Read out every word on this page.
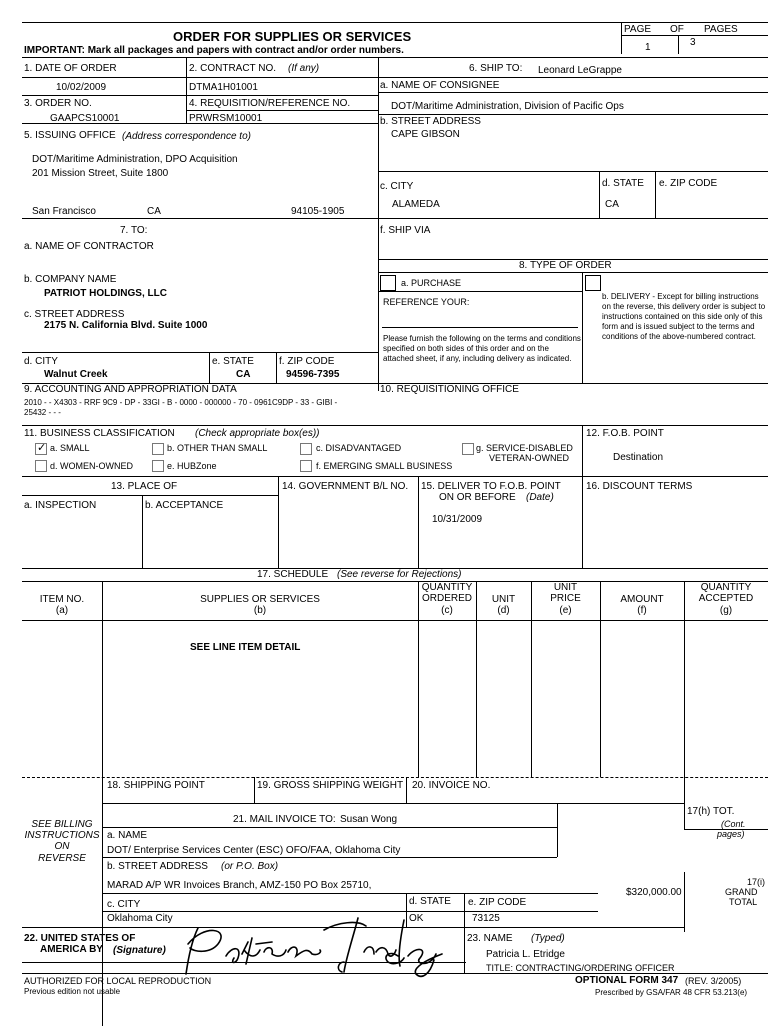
PAGE OF PAGES
1	3
ORDER FOR SUPPLIES OR SERVICES
IMPORTANT: Mark all packages and papers with contract and/or order numbers.
1. DATE OF ORDER	2. CONTRACT NO. (If any)
10/02/2009	DTMA1H01001
3. ORDER NO.	4. REQUISITION/REFERENCE NO.
GAAPCS10001	PRWRSM10001
5. ISSUING OFFICE (Address correspondence to)
DOT/Maritime Administration, DPO Acquisition
201 Mission Street, Suite 1800
San Francisco	CA	94105-1905
6. SHIP TO: Leonard LeGrappe
a. NAME OF CONSIGNEE
DOT/Maritime Administration, Division of Pacific Ops
b. STREET ADDRESS
CAPE GIBSON
c. CITY	d. STATE e. ZIP CODE
ALAMEDA	CA
7. TO:	f. SHIP VIA
a. NAME OF CONTRACTOR
8. TYPE OF ORDER
b. COMPANY NAME
PATRIOT HOLDINGS, LLC
c. STREET ADDRESS
2175 N. California Blvd. Suite 1000
d. CITY	e. STATE	f. ZIP CODE
Walnut Creek	CA	94596-7395
a. PURCHASE
REFERENCE YOUR:
Please furnish the following on the terms and conditions specified on both sides of this order and on the attached sheet, if any, including delivery as indicated.
b. DELIVERY - Except for billing instructions on the reverse, this delivery order is subject to instructions contained on this side only of this form and is issued subject to the terms and conditions of the above-numbered contract.
9. ACCOUNTING AND APPROPRIATION DATA	10. REQUISITIONING OFFICE
2010 - - X4303 - RRF 9C9 - DP - 33GI - B - 0000 - 000000 - 70 - 0961C9DP - 33 - GIBI -
25432 - - -
11. BUSINESS CLASSIFICATION (Check appropriate box(es))	12. F.O.B. POINT
✓
a. SMALL	b. OTHER THAN SMALL	c. DISADVANTAGED	g. SERVICE-DISABLED
VETERAN-OWNED	Destination
d. WOMEN-OWNED	e. HUBZone	f. EMERGING SMALL BUSINESS
13. PLACE OF	14. GOVERNMENT B/L NO. 15. DELIVER TO F.O.B. POINT
ON OR BEFORE (Date)
16. DISCOUNT TERMS
a. INSPECTION	b. ACCEPTANCE
10/31/2009
17. SCHEDULE (See reverse for Rejections)
ITEM NO.
(a)
SUPPLIES OR SERVICES
(b)
QUANTITY
ORDERED
(c)
UNIT
(d)
UNIT
PRICE
(e)
AMOUNT
(f)
QUANTITY
ACCEPTED
(g)
SEE LINE ITEM DETAIL
18. SHIPPING POINT	19. GROSS SHIPPING WEIGHT 20. INVOICE NO.
SEE BILLING
INSTRUCTIONS
ON
REVERSE
21. MAIL INVOICE TO: Susan Wong
17(h) TOT.
(Cont.
pages)
a. NAME
DOT/ Enterprise Services Center (ESC) OFO/FAA, Oklahoma City
b. STREET ADDRESS (or P.O. Box)
MARAD A/P WR Invoices Branch, AMZ-150 PO Box 25710,
$320,000.00
17(i)
GRAND
TOTAL
c. CITY	d. STATE e. ZIP CODE
Oklahoma City	OK	73125
22. UNITED STATES OF
AMERICA BY (Signature)
23. NAME (Typed)
Patricia L. Etridge
TITLE: CONTRACTING/ORDERING OFFICER
AUTHORIZED FOR LOCAL REPRODUCTION
Previous edition not usable
OPTIONAL FORM 347 (REV. 3/2005)
Prescribed by GSA/FAR 48 CFR 53.213(e)
